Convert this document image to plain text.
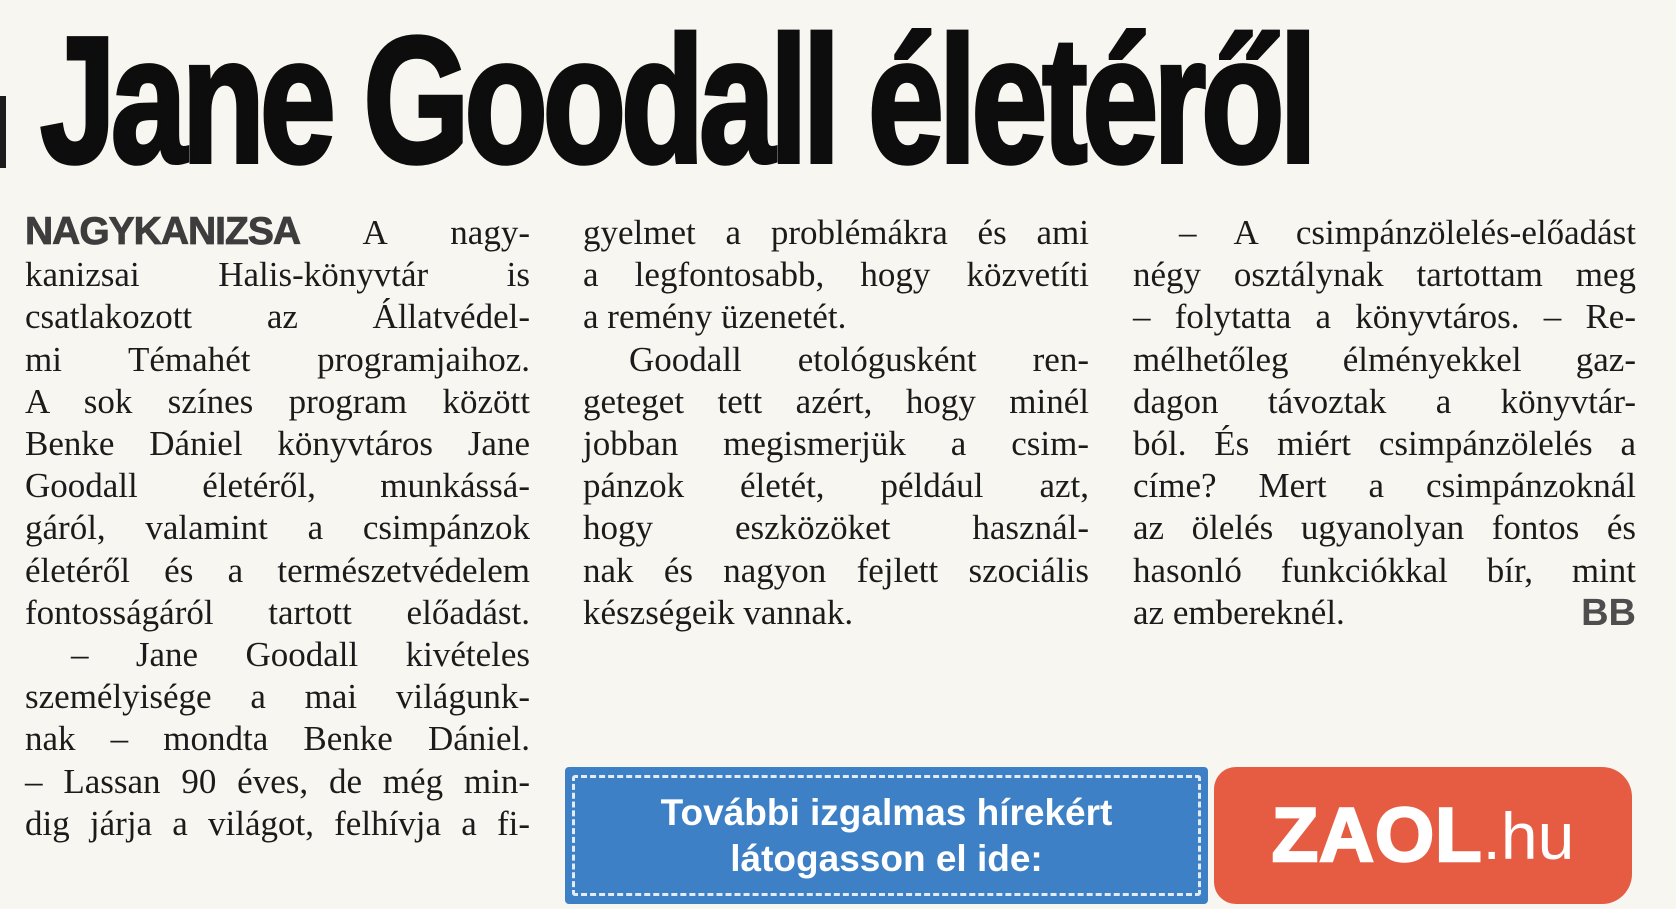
Jane Goodall életéről
NAGYKANIZSA A nagy-
kanizsai Halis-könyvtár is
csatlakozott az Állatvédel-
mi Témahét programjaihoz.
A sok színes program között
Benke Dániel könyvtáros Jane
Goodall életéről, munkássá-
gáról, valamint a csimpánzok
életéről és a természetvédelem
fontosságáról tartott előadást.
– Jane Goodall kivételes
személyisége a mai világunk-
nak – mondta Benke Dániel.
– Lassan 90 éves, de még min-
dig járja a világot, felhívja a fi-
gyelmet a problémákra és ami
a legfontosabb, hogy közvetíti
a remény üzenetét.
Goodall etológusként ren-
geteget tett azért, hogy minél
jobban megismerjük a csim-
pánzok életét, például azt,
hogy eszközöket használ-
nak és nagyon fejlett szociális
készségeik vannak.
– A csimpánzölelés-előadást
négy osztálynak tartottam meg
– folytatta a könyvtáros. – Re-
mélhetőleg élményekkel gaz-
dagon távoztak a könyvtár-
ból. És miért csimpánzölelés a
címe? Mert a csimpánzoknál
az ölelés ugyanolyan fontos és
hasonló funkciókkal bír, mint
BB
az embereknél.
További izgalmas hírekért
látogasson el ide:	ZAOL .hu
